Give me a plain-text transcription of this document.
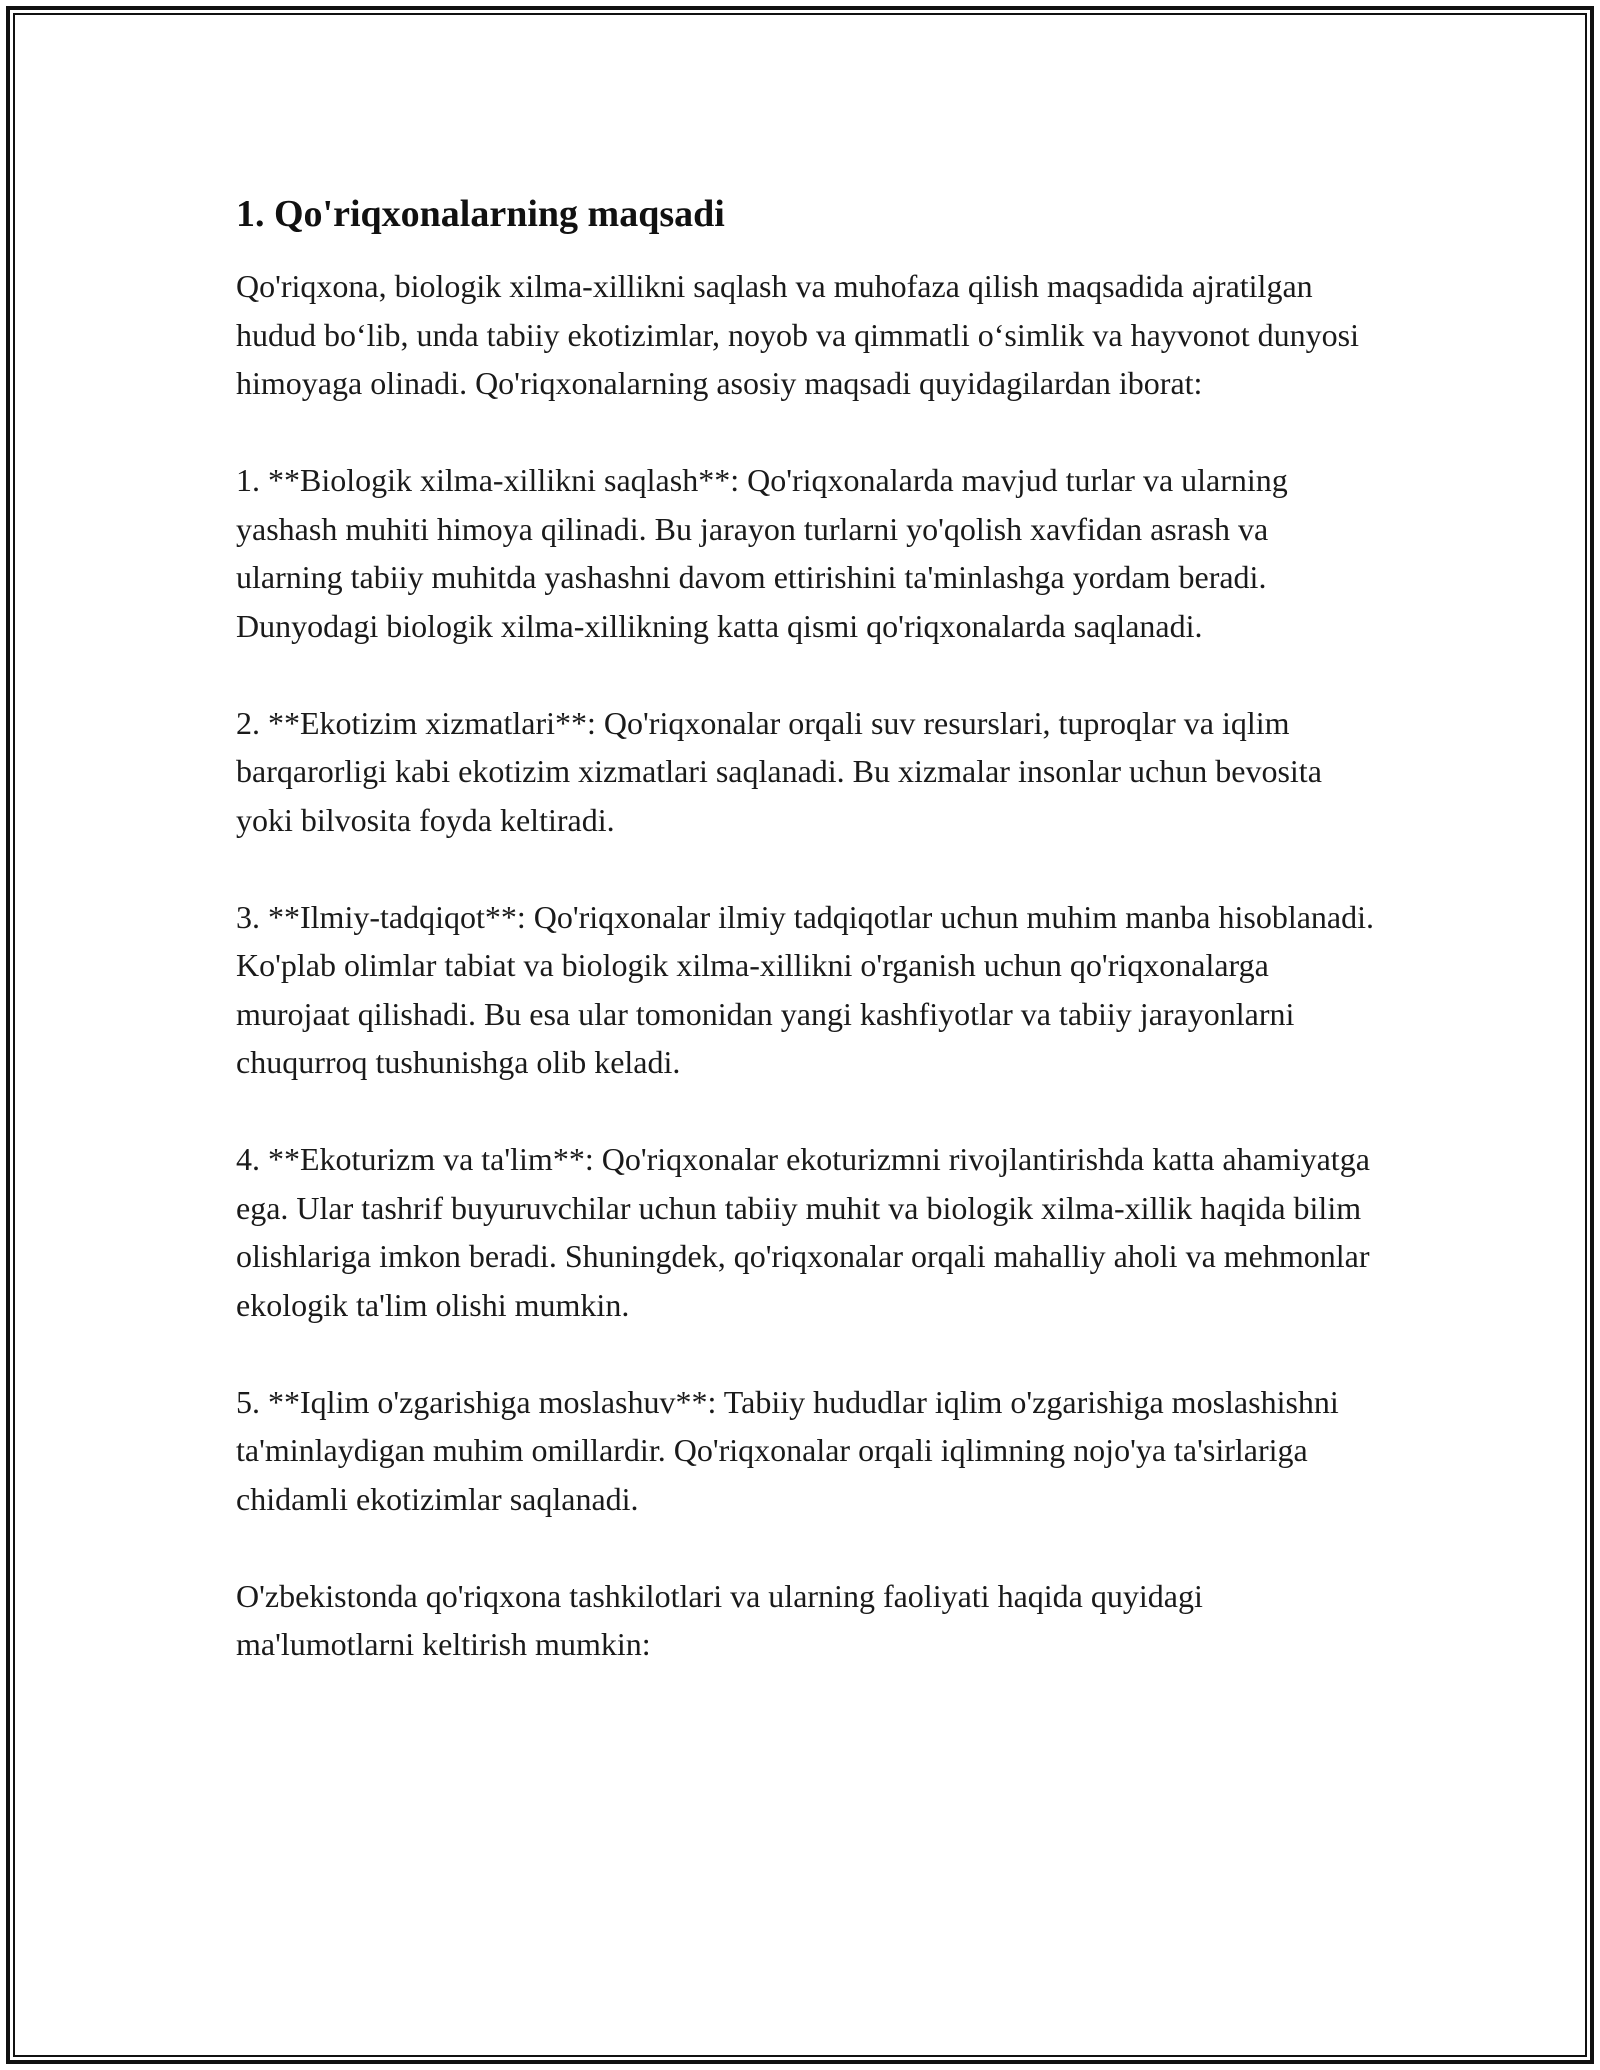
1. Qo'riqxonalarning maqsadi

Qo'riqxona, biologik xilma-xillikni saqlash va muhofaza qilish maqsadida ajratilgan hudud bo‘lib, unda tabiiy ekotizimlar, noyob va qimmatli o‘simlik va hayvonot dunyosi himoyaga olinadi. Qo'riqxonalarning asosiy maqsadi quyidagilardan iborat:

1. **Biologik xilma-xillikni saqlash**: Qo'riqxonalarda mavjud turlar va ularning yashash muhiti himoya qilinadi. Bu jarayon turlarni yo'qolish xavfidan asrash va ularning tabiiy muhitda yashashni davom ettirishini ta'minlashga yordam beradi. Dunyodagi biologik xilma-xillikning katta qismi qo'riqxonalarda saqlanadi.

2. **Ekotizim xizmatlari**: Qo'riqxonalar orqali suv resurslari, tuproqlar va iqlim barqarorligi kabi ekotizim xizmatlari saqlanadi. Bu xizmalar insonlar uchun bevosita yoki bilvosita foyda keltiradi.

3. **Ilmiy-tadqiqot**: Qo'riqxonalar ilmiy tadqiqotlar uchun muhim manba hisoblanadi. Ko'plab olimlar tabiat va biologik xilma-xillikni o'rganish uchun qo'riqxonalarga murojaat qilishadi. Bu esa ular tomonidan yangi kashfiyotlar va tabiiy jarayonlarni chuqurroq tushunishga olib keladi.

4. **Ekoturizm va ta'lim**: Qo'riqxonalar ekoturizmni rivojlantirishda katta ahamiyatga ega. Ular tashrif buyuruvchilar uchun tabiiy muhit va biologik xilma-xillik haqida bilim olishlariga imkon beradi. Shuningdek, qo'riqxonalar orqali mahalliy aholi va mehmonlar ekologik ta'lim olishi mumkin.

5. **Iqlim o'zgarishiga moslashuv**: Tabiiy hududlar iqlim o'zgarishiga moslashishni ta'minlaydigan muhim omillardir. Qo'riqxonalar orqali iqlimning nojo'ya ta'sirlariga chidamli ekotizimlar saqlanadi.

O'zbekistonda qo'riqxona tashkilotlari va ularning faoliyati haqida quyidagi ma'lumotlarni keltirish mumkin:
